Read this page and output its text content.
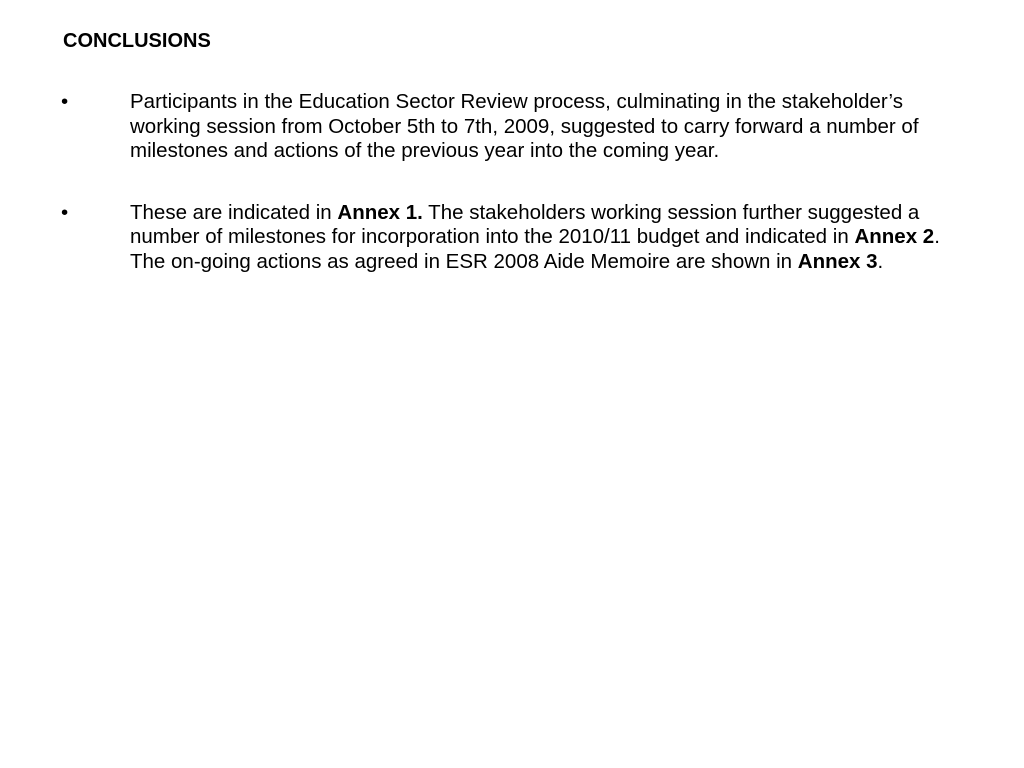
CONCLUSIONS
•	Participants in the Education Sector Review process, culminating in the stakeholder’s working session from October 5th to 7th, 2009, suggested to carry forward a number of milestones and actions of the previous year into the coming year.
•	These are indicated in Annex 1. The stakeholders working session further suggested a number of milestones for incorporation into the 2010/11 budget and indicated in Annex 2. The on-going actions as agreed in ESR 2008 Aide Memoire are shown in Annex 3.
